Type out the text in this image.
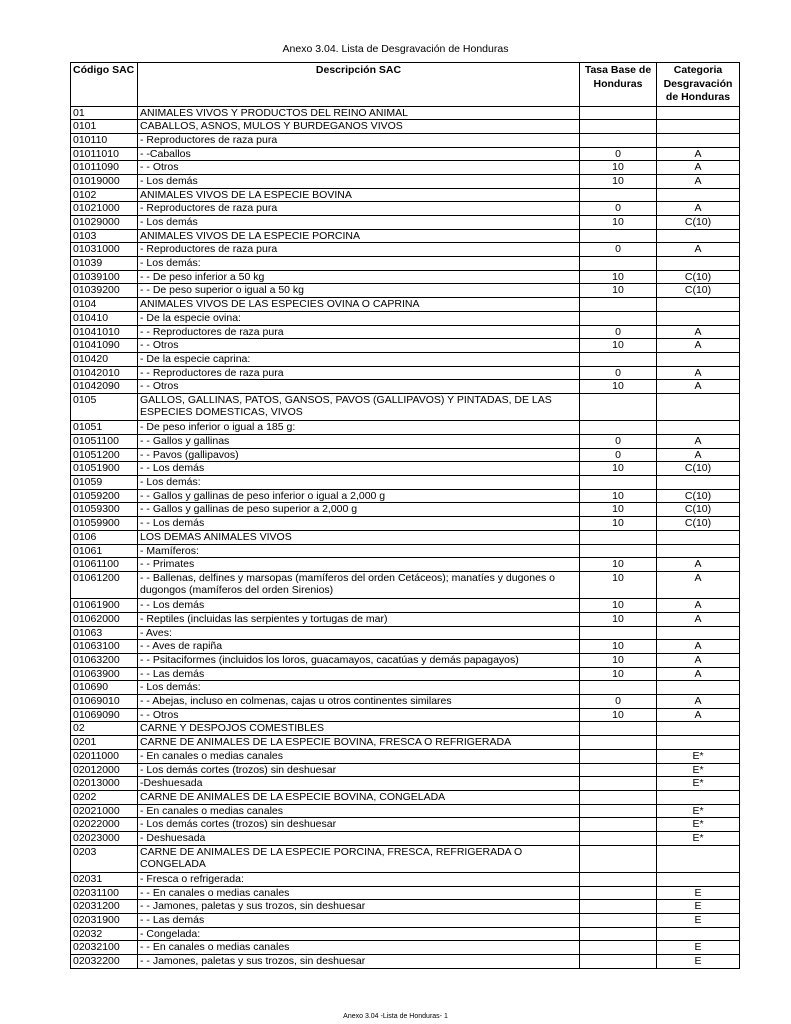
Anexo 3.04. Lista de Desgravación de Honduras
Código SAC	Descripción SAC	Tasa Base de Honduras	Categoria Desgravación de Honduras
01	ANIMALES VIVOS Y PRODUCTOS DEL REINO ANIMAL		
0101	CABALLOS, ASNOS, MULOS Y BURDEGANOS VIVOS		
010110	- Reproductores de raza pura		
01011010	- -Caballos	0	A
01011090	- - Otros	10	A
01019000	- Los demás	10	A
0102	ANIMALES VIVOS DE LA ESPECIE BOVINA		
01021000	- Reproductores de raza pura	0	A
01029000	- Los demás	10	C(10)
0103	ANIMALES VIVOS DE LA ESPECIE PORCINA		
01031000	- Reproductores de raza pura	0	A
01039	- Los demás:		
01039100	- - De peso inferior a 50 kg	10	C(10)
01039200	- - De peso superior o igual a 50 kg	10	C(10)
0104	ANIMALES VIVOS DE LAS ESPECIES OVINA O CAPRINA		
010410	- De la especie ovina:		
01041010	- - Reproductores de raza pura	0	A
01041090	- - Otros	10	A
010420	- De la especie caprina:		
01042010	- - Reproductores de raza pura	0	A
01042090	- - Otros	10	A
0105	GALLOS, GALLINAS, PATOS, GANSOS, PAVOS (GALLIPAVOS) Y PINTADAS, DE LAS ESPECIES DOMESTICAS, VIVOS		
01051	- De peso inferior o igual a 185 g:		
01051100	- - Gallos y gallinas	0	A
01051200	- - Pavos (gallipavos)	0	A
01051900	- - Los demás	10	C(10)
01059	- Los demás:		
01059200	- - Gallos y gallinas de peso inferior o igual a 2,000 g	10	C(10)
01059300	- - Gallos y gallinas de peso superior a 2,000 g	10	C(10)
01059900	- - Los demás	10	C(10)
0106	LOS DEMAS ANIMALES VIVOS		
01061	- Mamíferos:		
01061100	- - Primates	10	A
01061200	- - Ballenas, delfines y marsopas (mamíferos del orden Cetáceos); manatíes y dugones o dugongos (mamíferos del orden Sirenios)	10	A
01061900	- - Los demás	10	A
01062000	- Reptiles (incluidas las serpientes y tortugas de mar)	10	A
01063	- Aves:		
01063100	- - Aves de rapiña	10	A
01063200	- - Psitaciformes (incluidos los loros, guacamayos, cacatúas y demás papagayos)	10	A
01063900	- - Las demás	10	A
010690	- Los demás:		
01069010	- - Abejas, incluso en colmenas, cajas u otros continentes similares	0	A
01069090	- - Otros	10	A
02	CARNE Y DESPOJOS COMESTIBLES		
0201	CARNE DE ANIMALES DE LA ESPECIE BOVINA, FRESCA O REFRIGERADA		
02011000	- En canales o medias canales		E*
02012000	- Los demás cortes (trozos) sin deshuesar		E*
02013000	-Deshuesada		E*
0202	CARNE DE ANIMALES DE LA ESPECIE BOVINA, CONGELADA		
02021000	- En canales o medias canales		E*
02022000	- Los demás cortes (trozos) sin deshuesar		E*
02023000	- Deshuesada		E*
0203	CARNE DE ANIMALES DE LA ESPECIE PORCINA, FRESCA, REFRIGERADA O CONGELADA		
02031	- Fresca o refrigerada:		
02031100	- - En canales o medias canales		E
02031200	- - Jamones, paletas y sus trozos, sin deshuesar		E
02031900	- - Las demás		E
02032	- Congelada:		
02032100	- - En canales o medias canales		E
02032200	- - Jamones, paletas y sus trozos, sin deshuesar		E
Anexo 3.04 -Lista de Honduras- 1
